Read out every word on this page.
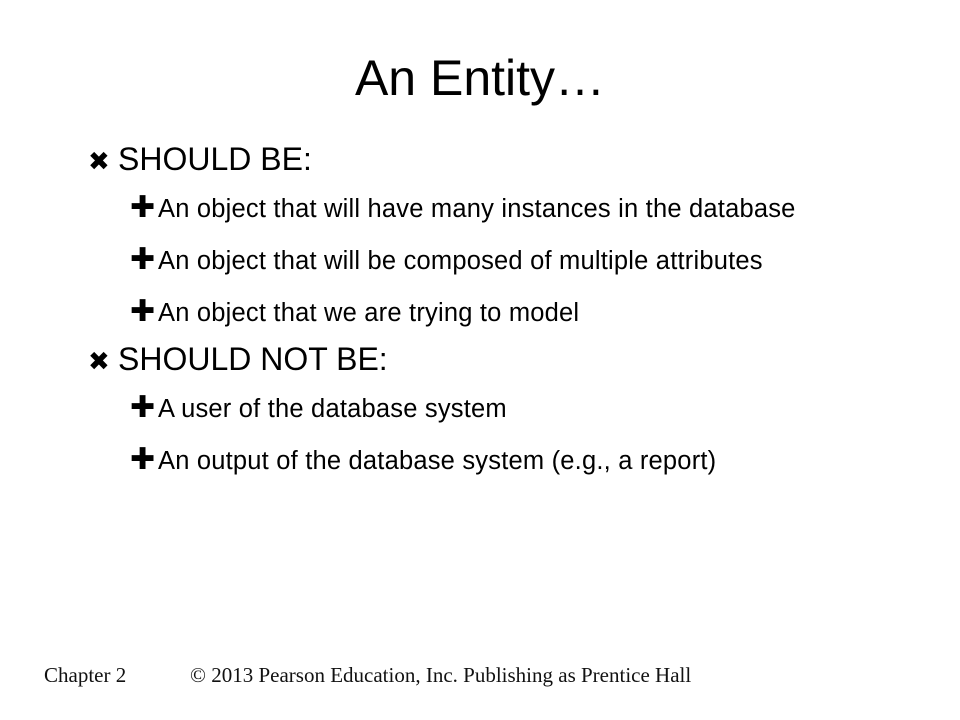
An Entity…
✖ SHOULD BE:
✚ An object that will have many instances in the database
✚ An object that will be composed of multiple attributes
✚ An object that we are trying to model
✖ SHOULD NOT BE:
✚ A user of the database system
✚ An output of the database system (e.g., a report)
Chapter 2	© 2013 Pearson Education, Inc. Publishing as Prentice Hall
